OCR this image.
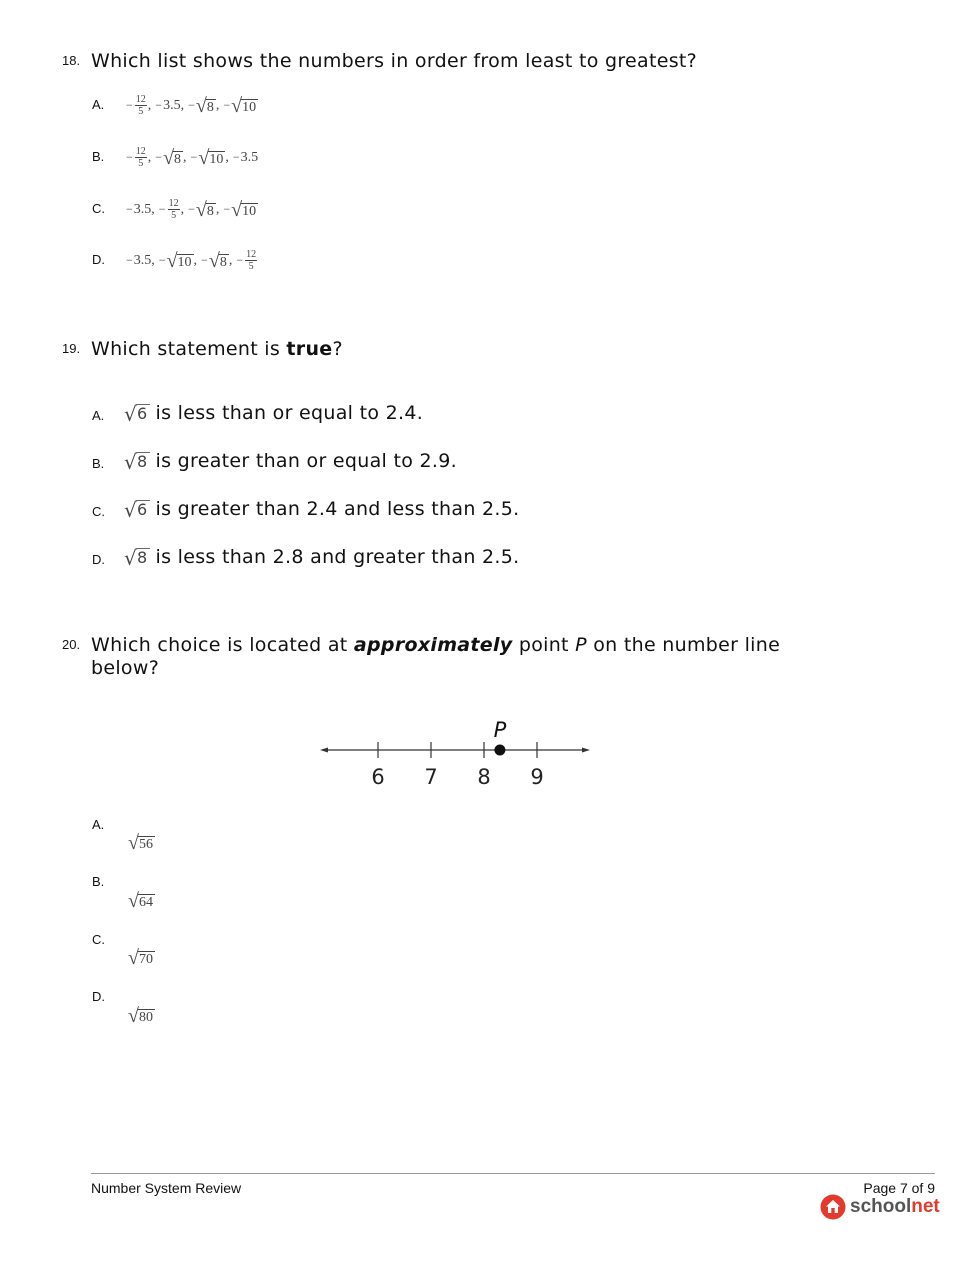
18. Which list shows the numbers in order from least to greatest?
A. − $\frac{12}{5}$ , − 3.5 , − √ 8 , − √ 10
B. − $\frac{12}{5}$ , − √ 8 , − √ 10 , − 3.5
C. − 3.5 , − $\frac{12}{5}$ , − √ 8 , − √ 10
D. − 3.5 , − √ 10 , − √ 8 , − $\frac{12}{5}$
19. Which statement is true?
A. √ 6 is less than or equal to 2.4.
B. √ 8 is greater than or equal to 2.9.
C. √ 6 is greater than 2.4 and less than 2.5.
D. √ 8 is less than 2.8 and greater than 2.5.
20. Which choice is located at approximately point P on the number line
below?
6 7 8 9
P
A.
√ 56
B.
√ 64
C.
√ 70
D.
√ 80
Number System Review	Page 7 of 9
schoolnet
